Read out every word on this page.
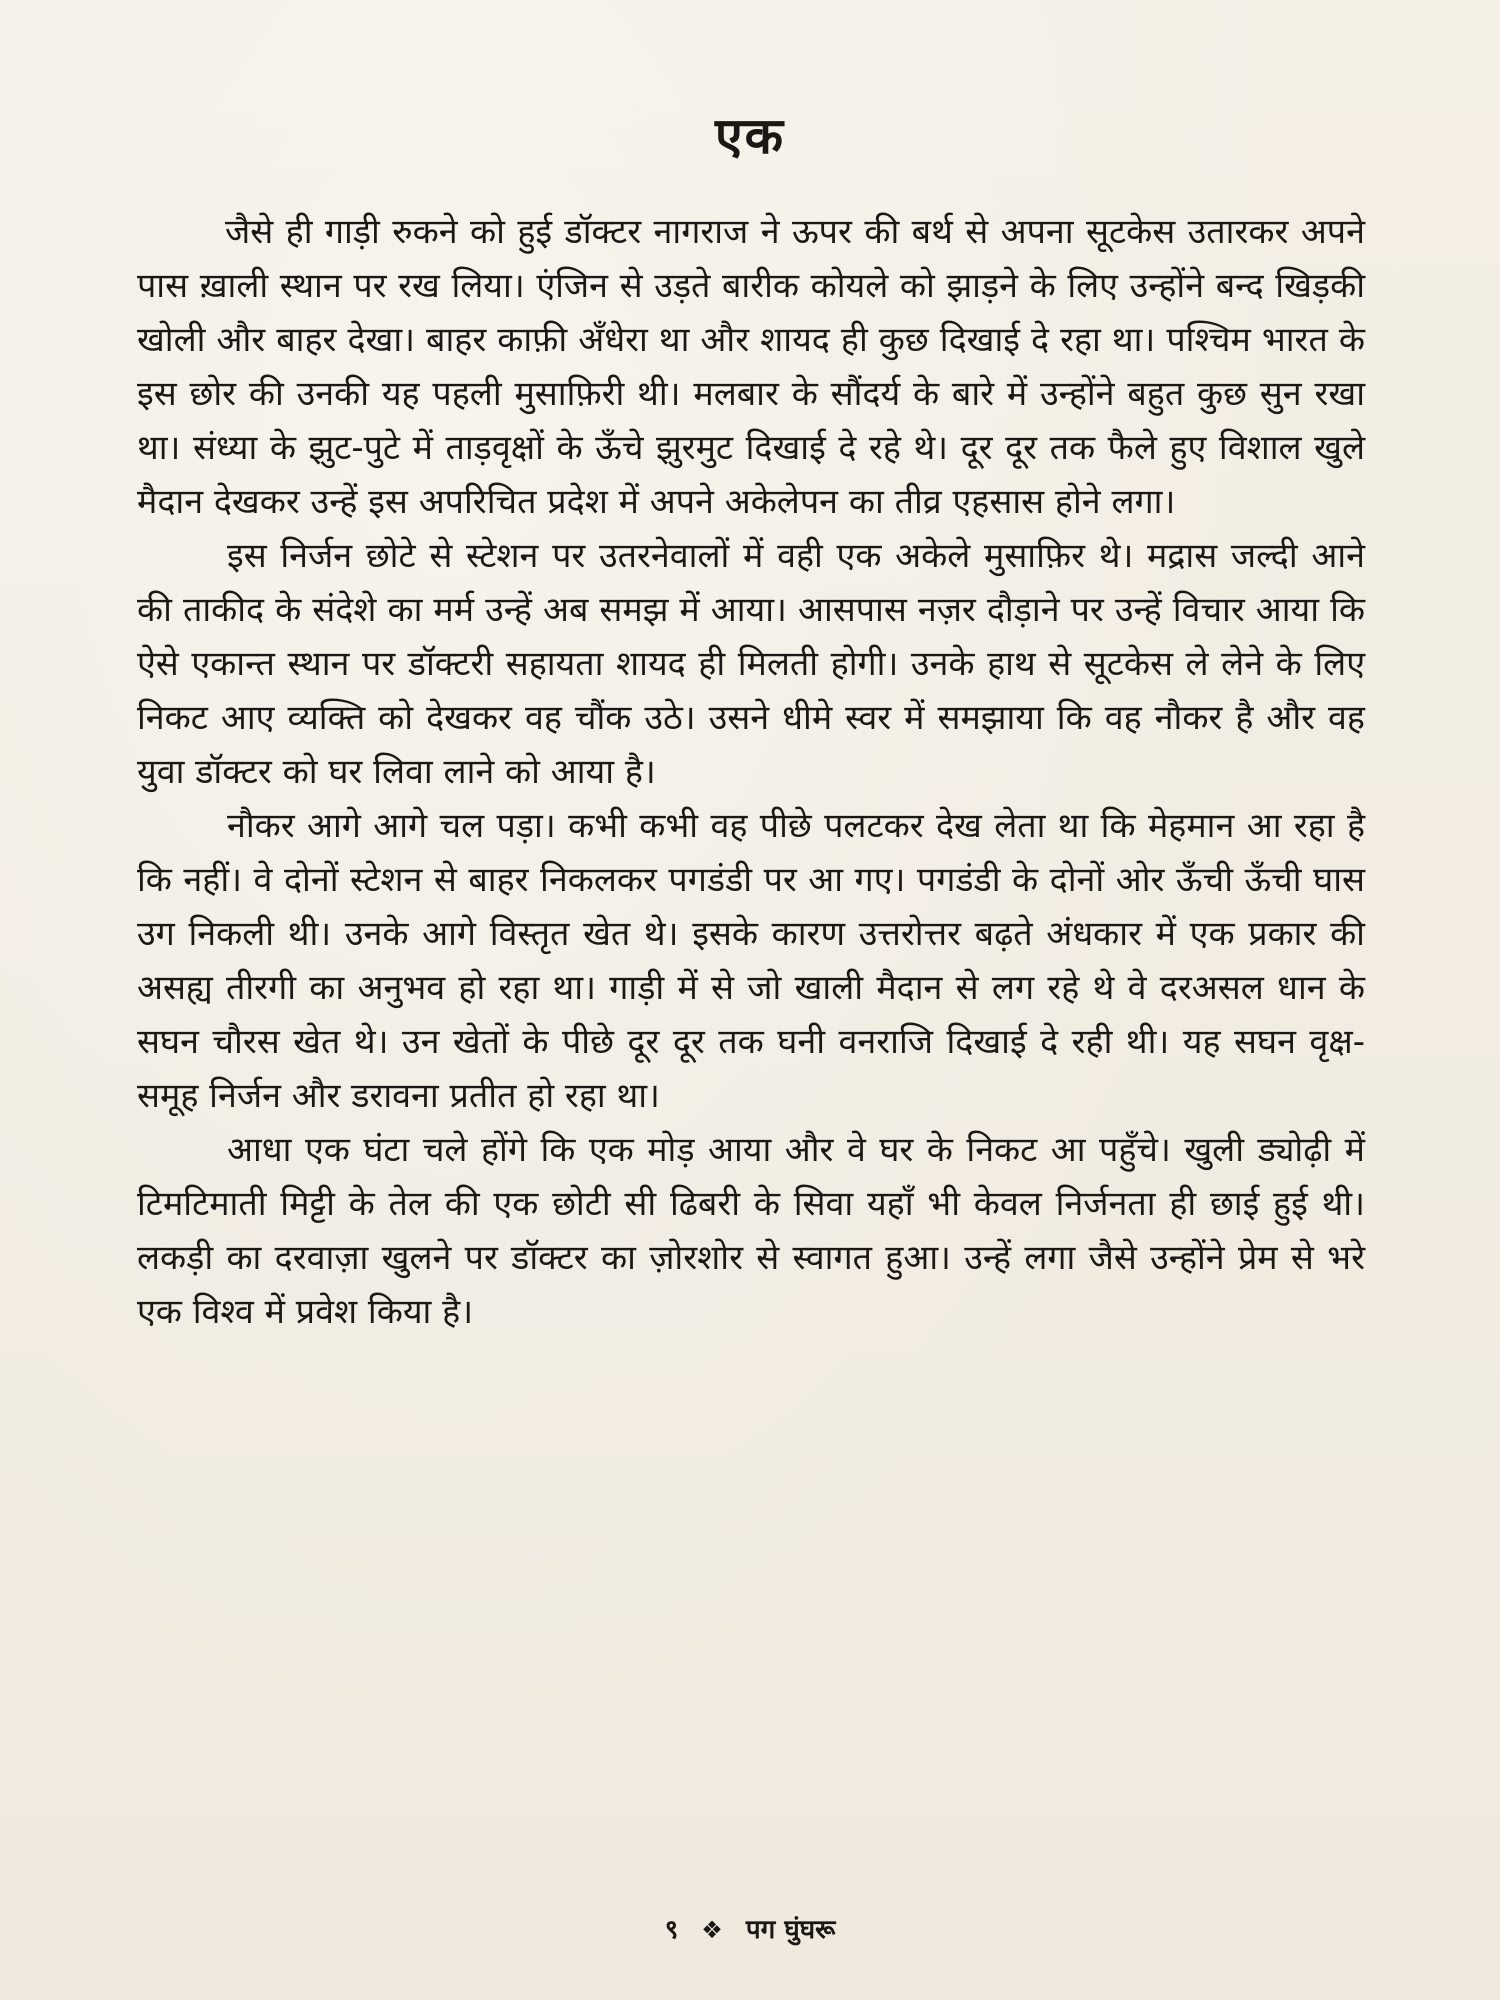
एक

जैसे ही गाड़ी रुकने को हुई डॉक्टर नागराज ने ऊपर की बर्थ से अपना सूटकेस उतारकर अपने पास ख़ाली स्थान पर रख लिया। एंजिन से उड़ते बारीक कोयले को झाड़ने के लिए उन्होंने बन्द खिड़की खोली और बाहर देखा। बाहर काफ़ी अँधेरा था और शायद ही कुछ दिखाई दे रहा था। पश्चिम भारत के इस छोर की उनकी यह पहली मुसाफ़िरी थी। मलबार के सौंदर्य के बारे में उन्होंने बहुत कुछ सुन रखा था। संध्या के झुट-पुटे में ताड़वृक्षों के ऊँचे झुरमुट दिखाई दे रहे थे। दूर दूर तक फैले हुए विशाल खुले मैदान देखकर उन्हें इस अपरिचित प्रदेश में अपने अकेलेपन का तीव्र एहसास होने लगा।

इस निर्जन छोटे से स्टेशन पर उतरनेवालों में वही एक अकेले मुसाफ़िर थे। मद्रास जल्दी आने की ताकीद के संदेशे का मर्म उन्हें अब समझ में आया। आसपास नज़र दौड़ाने पर उन्हें विचार आया कि ऐसे एकान्त स्थान पर डॉक्टरी सहायता शायद ही मिलती होगी। उनके हाथ से सूटकेस ले लेने के लिए निकट आए व्यक्ति को देखकर वह चौंक उठे। उसने धीमे स्वर में समझाया कि वह नौकर है और वह युवा डॉक्टर को घर लिवा लाने को आया है।

नौकर आगे आगे चल पड़ा। कभी कभी वह पीछे पलटकर देख लेता था कि मेहमान आ रहा है कि नहीं। वे दोनों स्टेशन से बाहर निकलकर पगडंडी पर आ गए। पगडंडी के दोनों ओर ऊँची ऊँची घास उग निकली थी। उनके आगे विस्तृत खेत थे। इसके कारण उत्तरोत्तर बढ़ते अंधकार में एक प्रकार की असह्य तीरगी का अनुभव हो रहा था। गाड़ी में से जो खाली मैदान से लग रहे थे वे दरअसल धान के सघन चौरस खेत थे। उन खेतों के पीछे दूर दूर तक घनी वनराजि दिखाई दे रही थी। यह सघन वृक्ष-समूह निर्जन और डरावना प्रतीत हो रहा था।

आधा एक घंटा चले होंगे कि एक मोड़ आया और वे घर के निकट आ पहुँचे। खुली ड्योढ़ी में टिमटिमाती मिट्टी के तेल की एक छोटी सी ढिबरी के सिवा यहाँ भी केवल निर्जनता ही छाई हुई थी। लकड़ी का दरवाज़ा खुलने पर डॉक्टर का ज़ोरशोर से स्वागत हुआ। उन्हें लगा जैसे उन्होंने प्रेम से भरे एक विश्व में प्रवेश किया है।

९ ❖ पग घुंघरू
